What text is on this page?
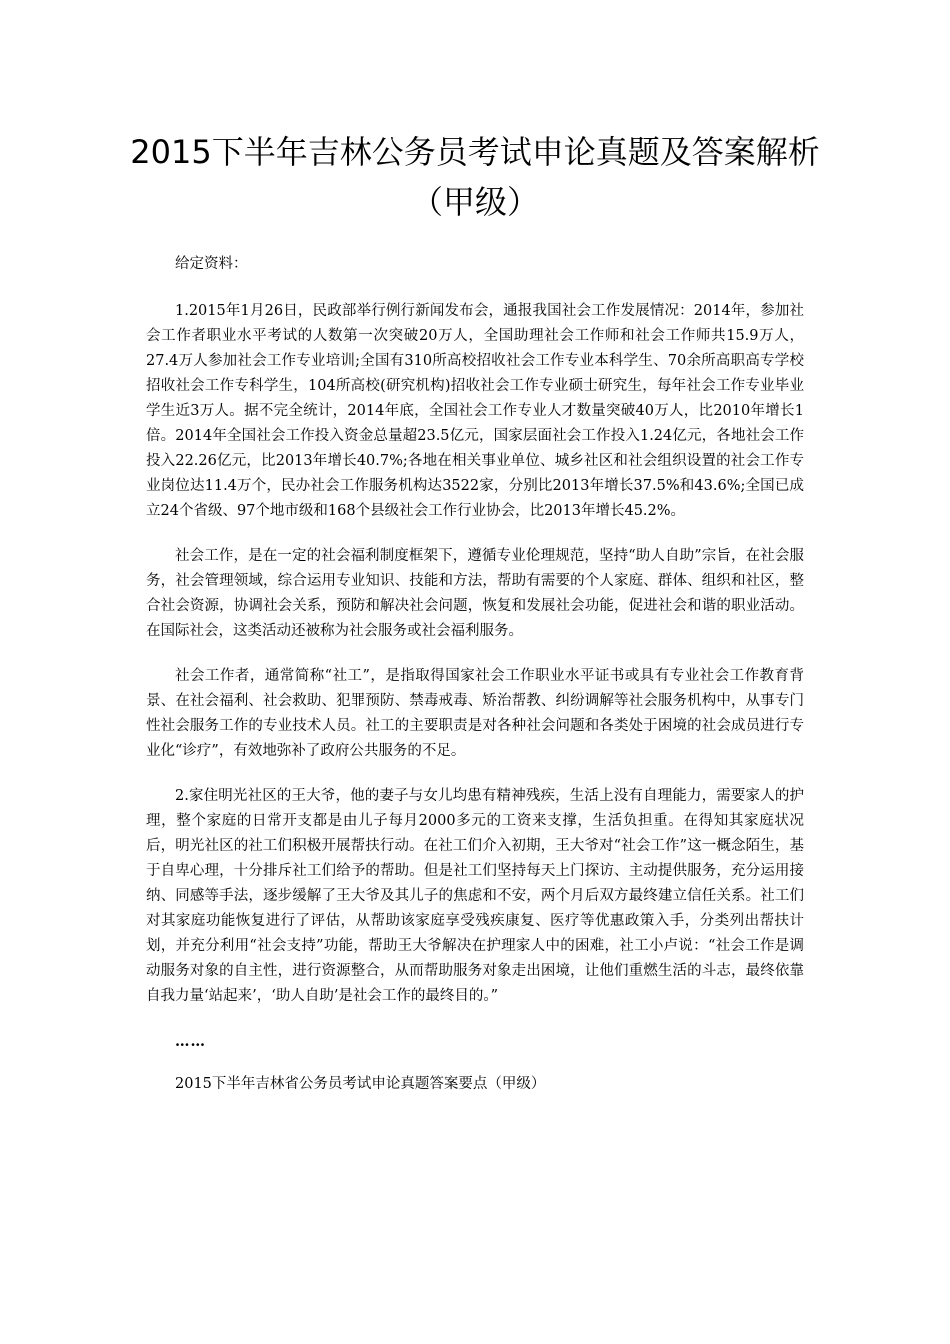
2015下半年吉林公务员考试申论真题及答案解析（甲级）

给定资料：

1.2015年1月26日，民政部举行例行新闻发布会，通报我国社会工作发展情况：2014年，参加社会工作者职业水平考试的人数第一次突破20万人，全国助理社会工作师和社会工作师共15.9万人，27.4万人参加社会工作专业培训;全国有310所高校招收社会工作专业本科学生、70余所高职高专学校招收社会工作专科学生，104所高校(研究机构)招收社会工作专业硕士研究生，每年社会工作专业毕业学生近3万人。据不完全统计，2014年底，全国社会工作专业人才数量突破40万人，比2010年增长1倍。2014年全国社会工作投入资金总量超23.5亿元，国家层面社会工作投入1.24亿元，各地社会工作投入22.26亿元，比2013年增长40.7%;各地在相关事业单位、城乡社区和社会组织设置的社会工作专业岗位达11.4万个，民办社会工作服务机构达3522家，分别比2013年增长37.5%和43.6%;全国已成立24个省级、97个地市级和168个县级社会工作行业协会，比2013年增长45.2%。

社会工作，是在一定的社会福利制度框架下，遵循专业伦理规范，坚持“助人自助”宗旨，在社会服务，社会管理领域，综合运用专业知识、技能和方法，帮助有需要的个人家庭、群体、组织和社区，整合社会资源，协调社会关系，预防和解决社会问题，恢复和发展社会功能，促进社会和谐的职业活动。在国际社会，这类活动还被称为社会服务或社会福利服务。

社会工作者，通常简称“社工”，是指取得国家社会工作职业水平证书或具有专业社会工作教育背景、在社会福利、社会救助、犯罪预防、禁毒戒毒、矫治帮教、纠纷调解等社会服务机构中，从事专门性社会服务工作的专业技术人员。社工的主要职责是对各种社会问题和各类处于困境的社会成员进行专业化“诊疗”，有效地弥补了政府公共服务的不足。

2.家住明光社区的王大爷，他的妻子与女儿均患有精神残疾，生活上没有自理能力，需要家人的护理，整个家庭的日常开支都是由儿子每月2000多元的工资来支撑，生活负担重。在得知其家庭状况后，明光社区的社工们积极开展帮扶行动。在社工们介入初期，王大爷对“社会工作”这一概念陌生，基于自卑心理，十分排斥社工们给予的帮助。但是社工们坚持每天上门探访、主动提供服务，充分运用接纳、同感等手法，逐步缓解了王大爷及其儿子的焦虑和不安，两个月后双方最终建立信任关系。社工们对其家庭功能恢复进行了评估，从帮助该家庭享受残疾康复、医疗等优惠政策入手，分类列出帮扶计划，并充分利用“社会支持”功能，帮助王大爷解决在护理家人中的困难，社工小卢说：“社会工作是调动服务对象的自主性，进行资源整合，从而帮助服务对象走出困境，让他们重燃生活的斗志，最终依靠自我力量‘站起来’，‘助人自助’是社会工作的最终目的。”

……

2015下半年吉林省公务员考试申论真题答案要点（甲级）
